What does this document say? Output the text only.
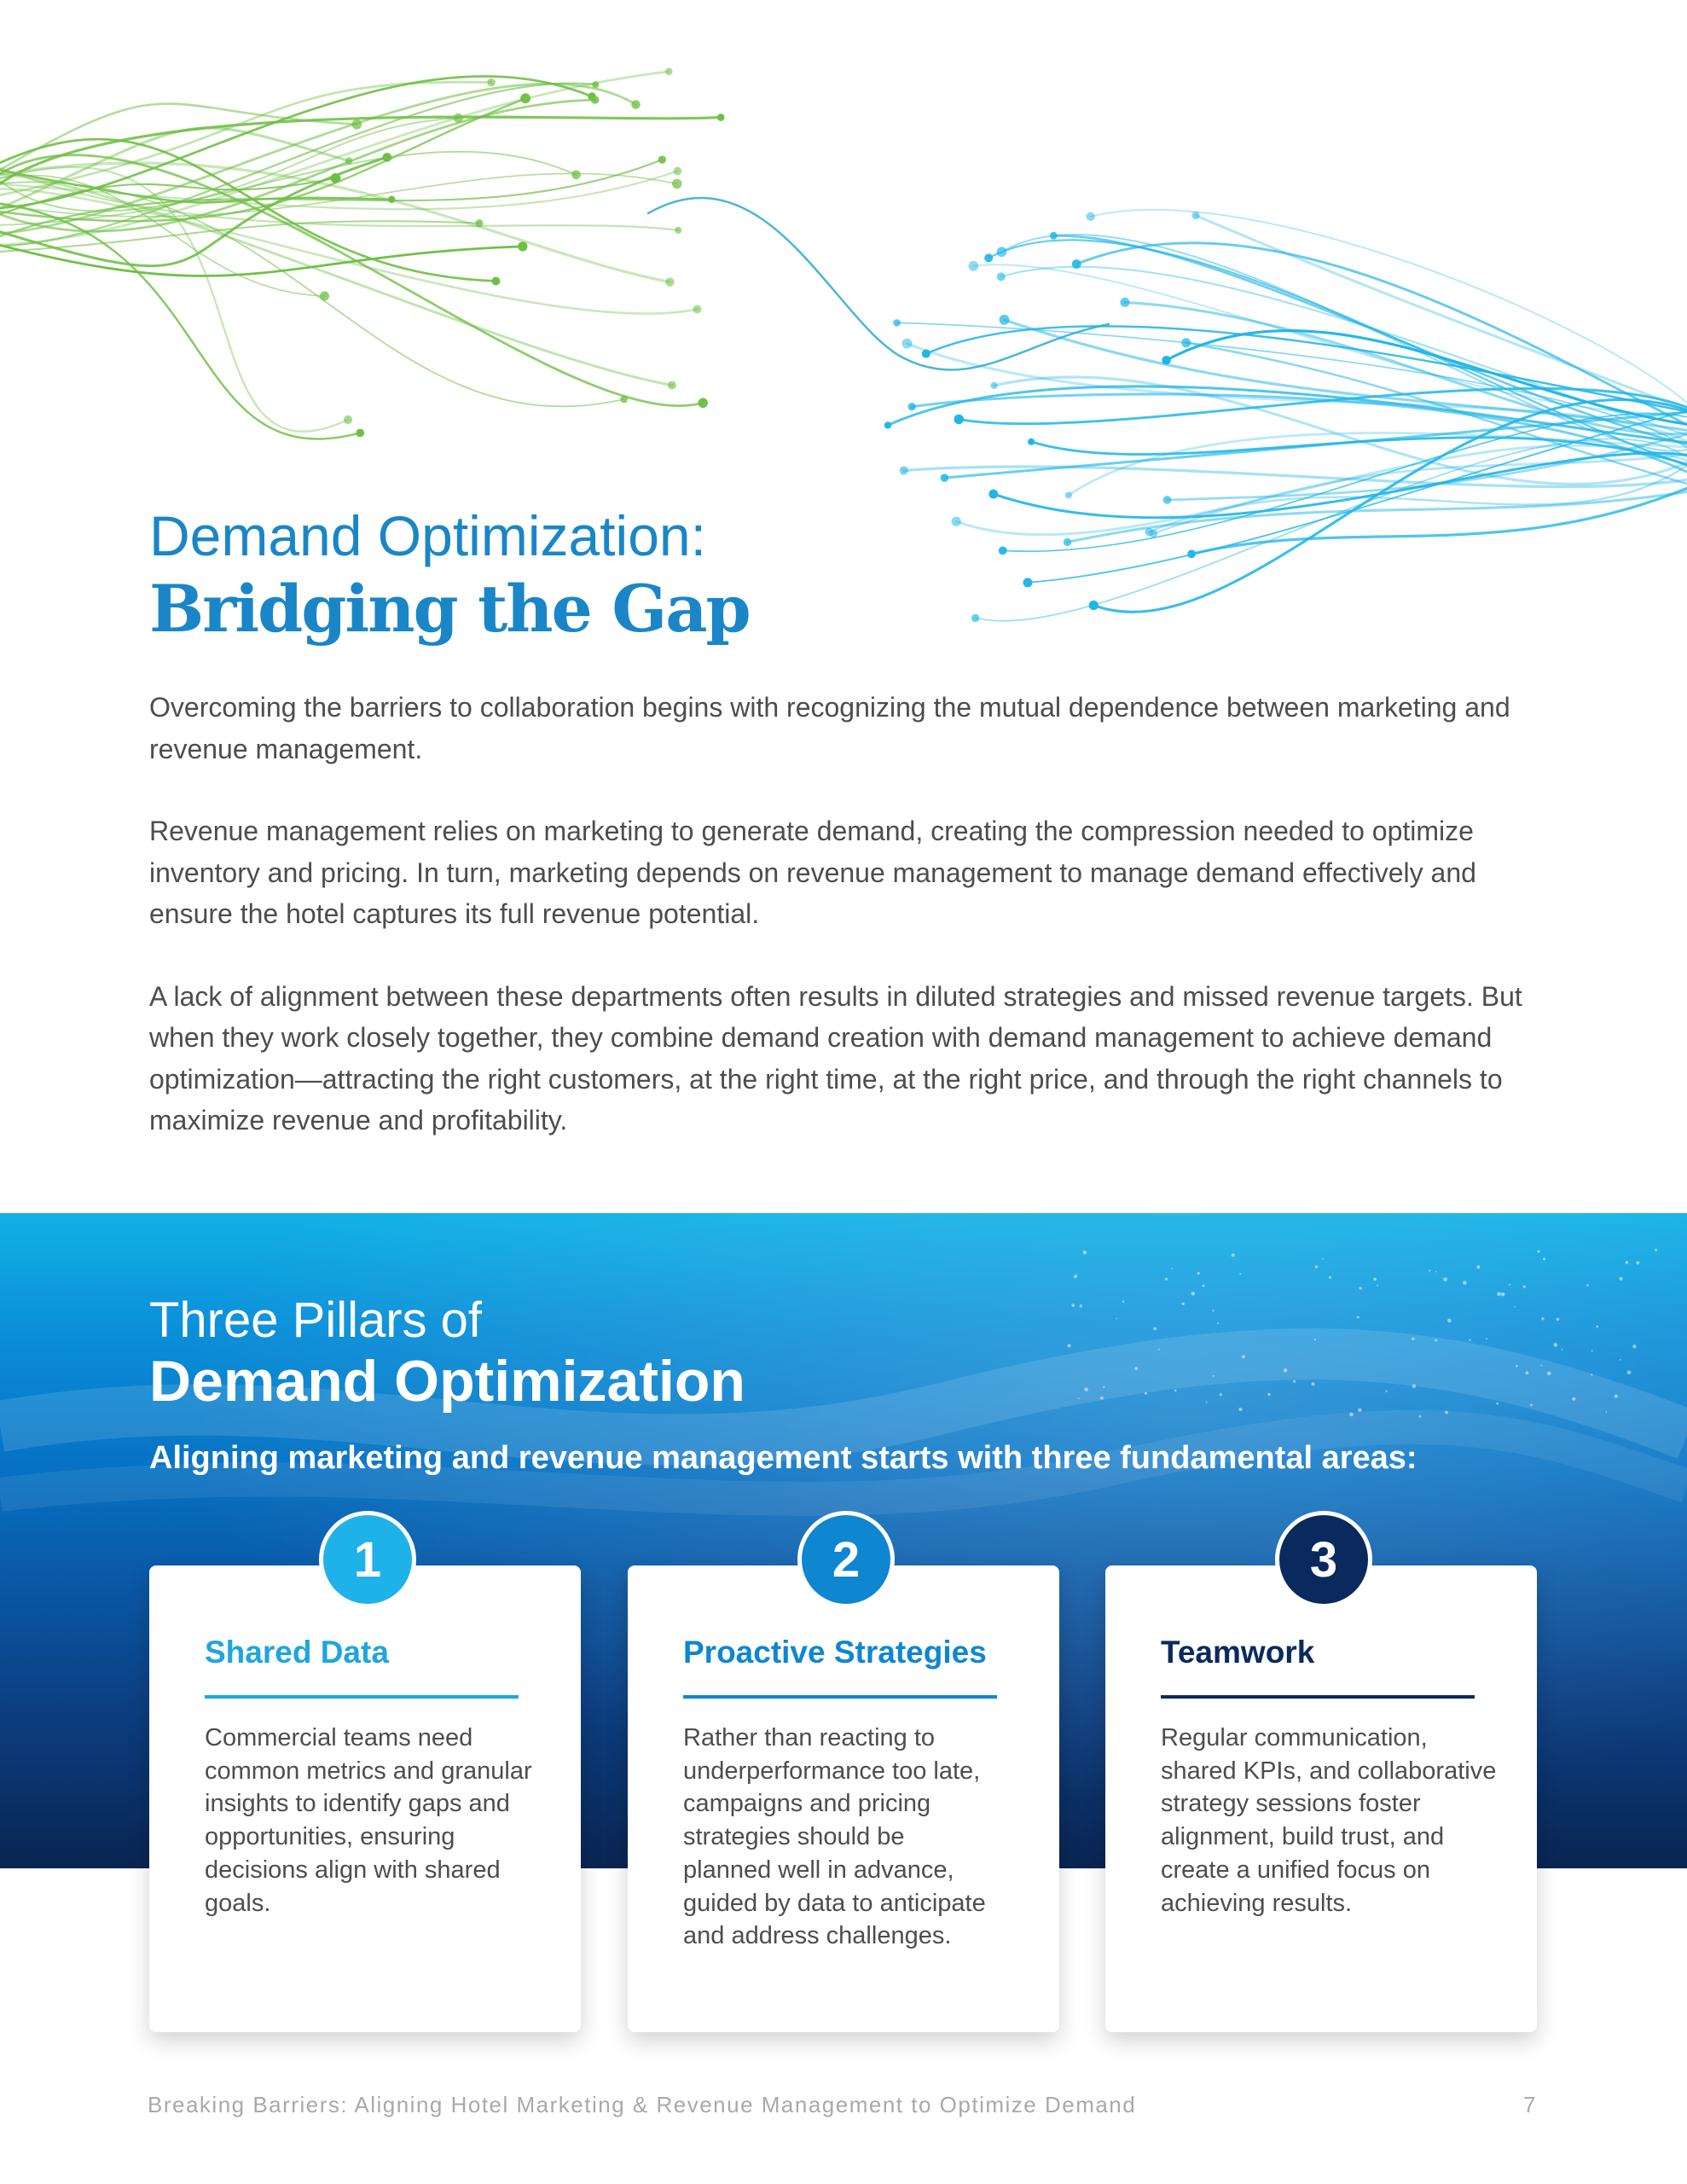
Demand Optimization:
Bridging the Gap

Overcoming the barriers to collaboration begins with recognizing the mutual dependence between marketing and revenue management.

Revenue management relies on marketing to generate demand, creating the compression needed to optimize inventory and pricing. In turn, marketing depends on revenue management to manage demand effectively and ensure the hotel captures its full revenue potential.

A lack of alignment between these departments often results in diluted strategies and missed revenue targets. But when they work closely together, they combine demand creation with demand management to achieve demand optimization—attracting the right customers, at the right time, at the right price, and through the right channels to maximize revenue and profitability.

Three Pillars of
Demand Optimization
Aligning marketing and revenue management starts with three fundamental areas:
1
Shared Data
Commercial teams need common metrics and granular insights to identify gaps and opportunities, ensuring decisions align with shared goals.
2
Proactive Strategies
Rather than reacting to underperformance too late, campaigns and pricing strategies should be planned well in advance, guided by data to anticipate and address challenges.
3
Teamwork
Regular communication, shared KPIs, and collaborative strategy sessions foster alignment, build trust, and create a unified focus on achieving results.
Breaking Barriers: Aligning Hotel Marketing & Revenue Management to Optimize Demand	7
